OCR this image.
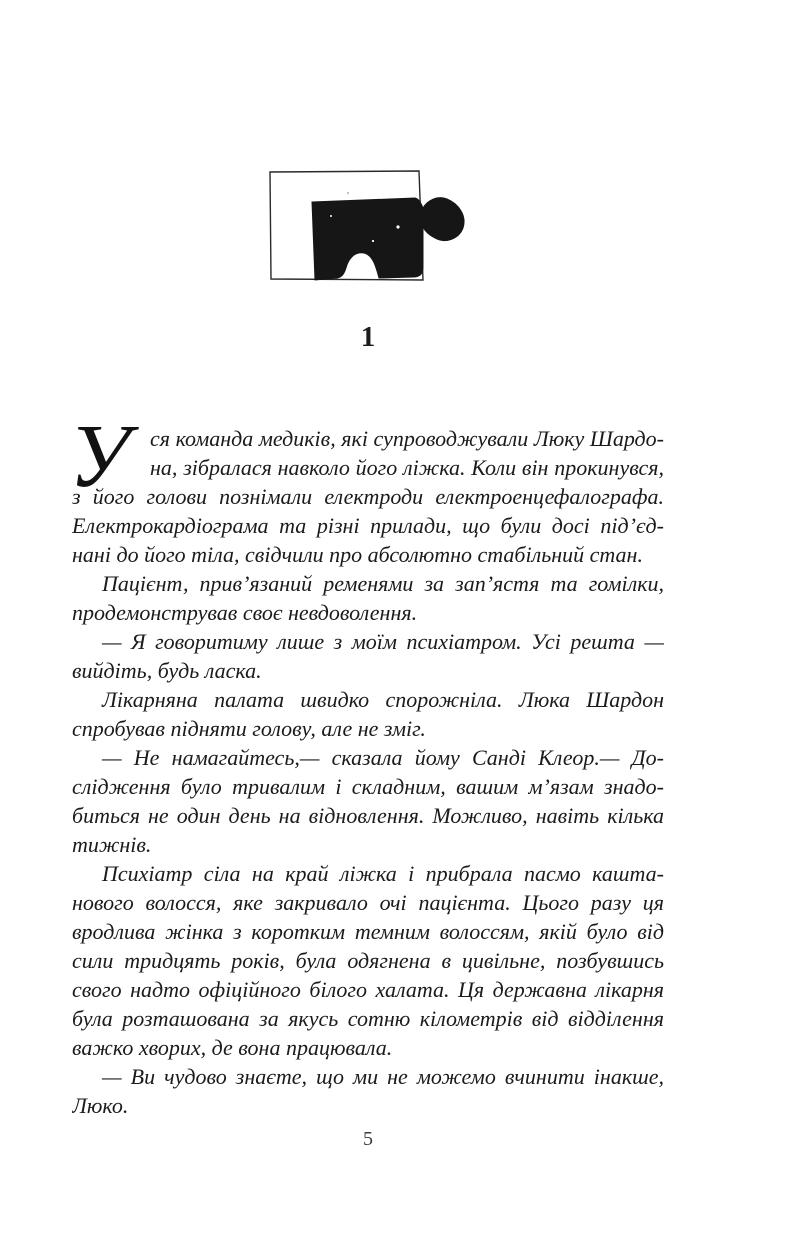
1
У ся команда медиків, які супроводжували Люку Шардо-
на, зібралася навколо його ліжка. Коли він прокинувся,
з його голови познімали електроди електроенцефалографа.
Електрокардіограма та різні прилади, що були досі під’єд-
нані до його тіла, свідчили про абсолютно стабільний стан.
Пацієнт, прив’язаний ременями за зап’ястя та гомілки,
продемонстрував своє невдоволення.
— Я говоритиму лише з моїм психіатром. Усі решта —
вийдіть, будь ласка.
Лікарняна палата швидко спорожніла. Люка Шардон
спробував підняти голову, але не зміг.
— Не намагайтесь,— сказала йому Санді Клеор.— До-
слідження було тривалим і складним, вашим м’язам знадо-
биться не один день на відновлення. Можливо, навіть кілька
тижнів.
Психіатр сіла на край ліжка і прибрала пасмо кашта-
нового волосся, яке закривало очі пацієнта. Цього разу ця
вродлива жінка з коротким темним волоссям, якій було від
сили тридцять років, була одягнена в цивільне, позбувшись
свого надто офіційного білого халата. Ця державна лікарня
була розташована за якусь сотню кілометрів від відділення
важко хворих, де вона працювала.
— Ви чудово знаєте, що ми не можемо вчинити інакше,
Люко.
5
